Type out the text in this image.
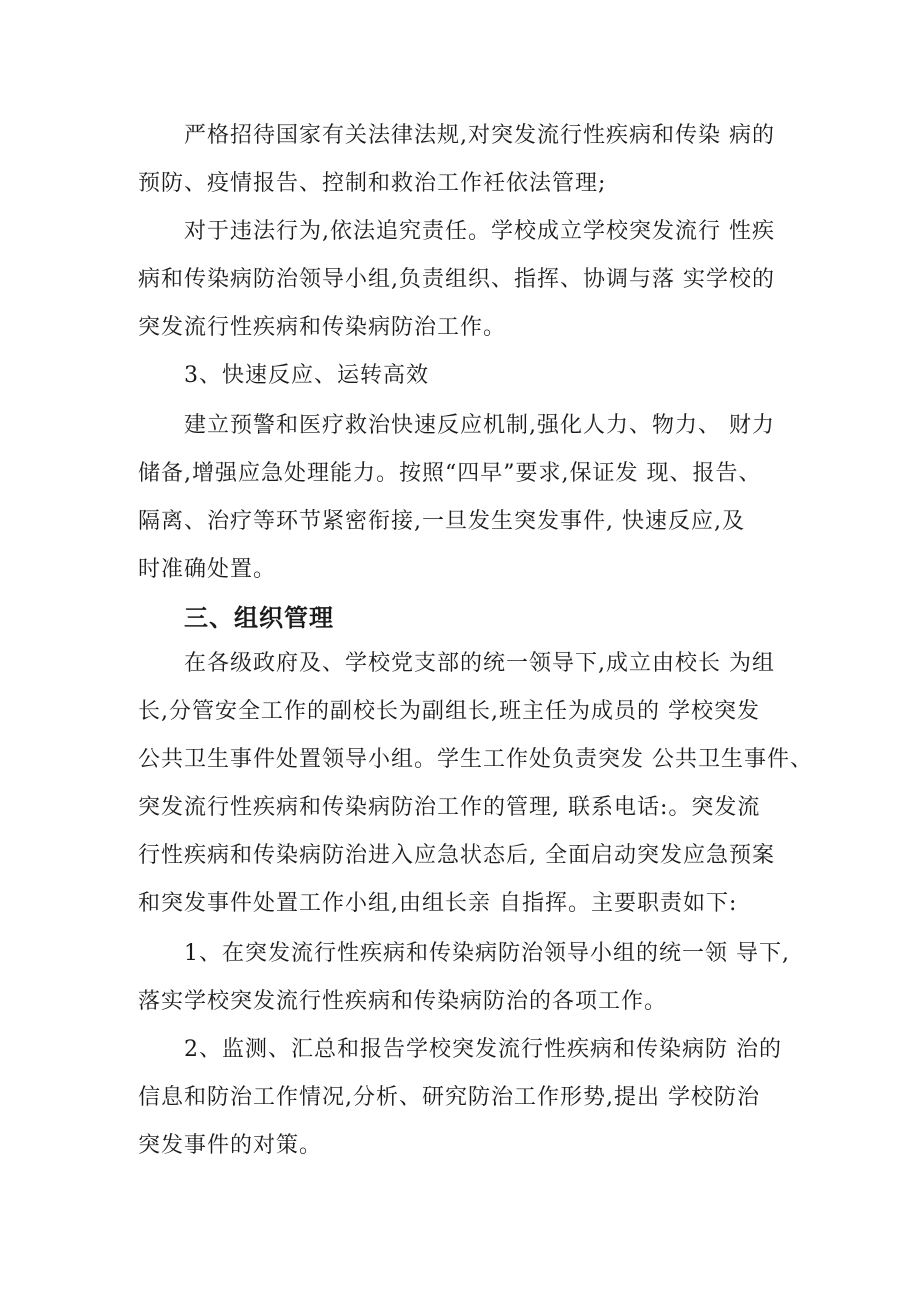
严格招待国家有关法律法规,对突发流行性疾病和传染 病的
预防、疫情报告、控制和救治工作衽依法管理;
对于违法行为,依法追究责任。学校成立学校突发流行 性疾
病和传染病防治领导小组,负责组织、指挥、协调与落 实学校的
突发流行性疾病和传染病防治工作。
3、快速反应、运转高效
建立预警和医疗救治快速反应机制,强化人力、物力、 财力
储备,增强应急处理能力。按照“四早”要求,保证发 现、报告、
隔离、治疗等环节紧密衔接,一旦发生突发事件, 快速反应,及
时准确处置。
三、组织管理
在各级政府及、学校党支部的统一领导下,成立由校长 为组
长,分管安全工作的副校长为副组长,班主任为成员的 学校突发
公共卫生事件处置领导小组。学生工作处负责突发 公共卫生事件、
突发流行性疾病和传染病防治工作的管理, 联系电话:。突发流
行性疾病和传染病防治进入应急状态后, 全面启动突发应急预案
和突发事件处置工作小组,由组长亲 自指挥。主要职责如下:
1、在突发流行性疾病和传染病防治领导小组的统一领 导下,
落实学校突发流行性疾病和传染病防治的各项工作。
2、监测、汇总和报告学校突发流行性疾病和传染病防 治的
信息和防治工作情况,分析、研究防治工作形势,提出 学校防治
突发事件的对策。
